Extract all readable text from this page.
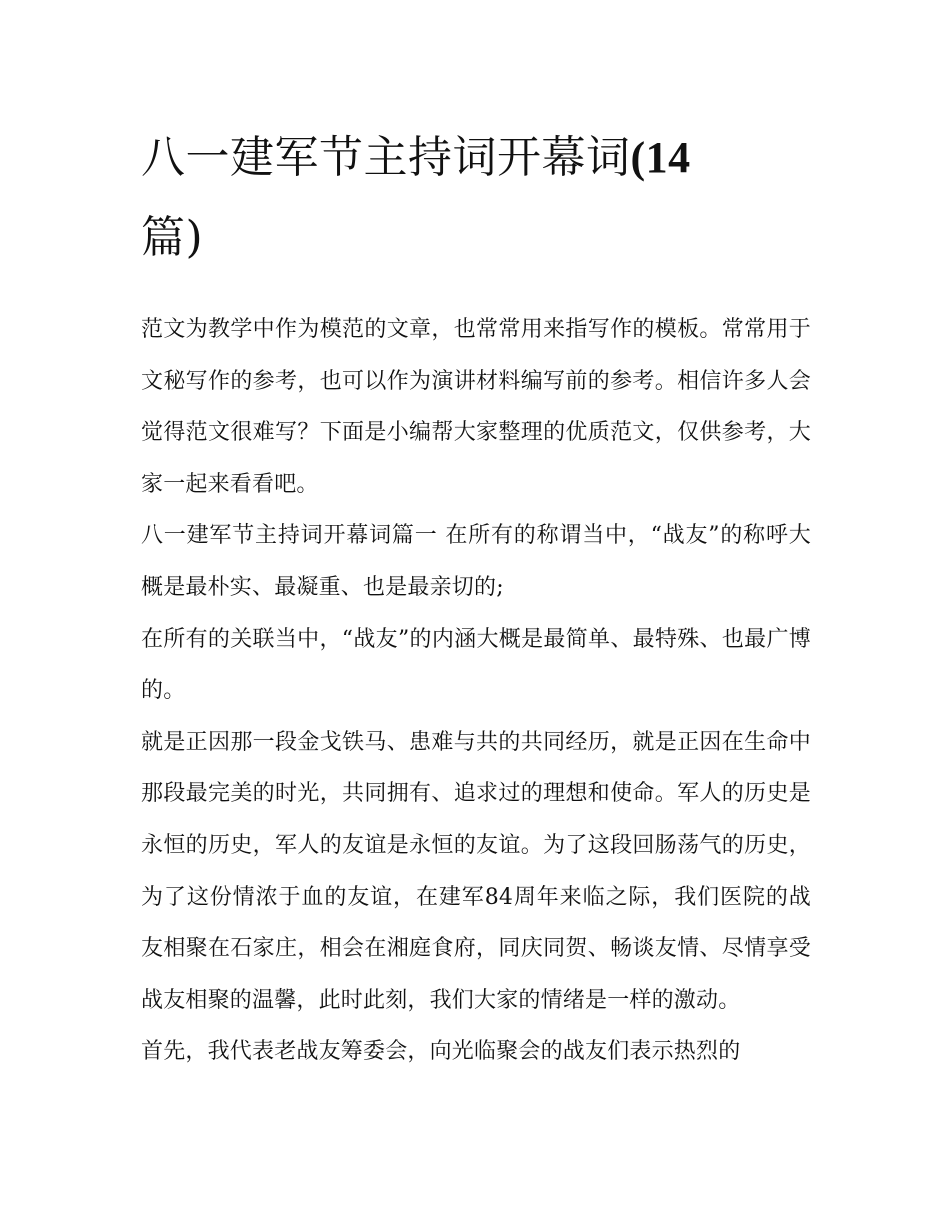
八一建军节主持词开幕词(14
篇)

范文为教学中作为模范的文章，也常常用来指写作的模板。常常用于文秘写作的参考，也可以作为演讲材料编写前的参考。相信许多人会觉得范文很难写？下面是小编帮大家整理的优质范文，仅供参考，大家一起来看看吧。

八一建军节主持词开幕词篇一 在所有的称谓当中，“战友”的称呼大概是最朴实、最凝重、也是最亲切的;

在所有的关联当中，“战友”的内涵大概是最简单、最特殊、也最广博的。

就是正因那一段金戈铁马、患难与共的共同经历，就是正因在生命中那段最完美的时光，共同拥有、追求过的理想和使命。军人的历史是永恒的历史，军人的友谊是永恒的友谊。为了这段回肠荡气的历史，为了这份情浓于血的友谊，在建军84周年来临之际，我们医院的战友相聚在石家庄，相会在湘庭食府，同庆同贺、畅谈友情、尽情享受战友相聚的温馨，此时此刻，我们大家的情绪是一样的激动。

首先，我代表老战友筹委会，向光临聚会的战友们表示热烈的
